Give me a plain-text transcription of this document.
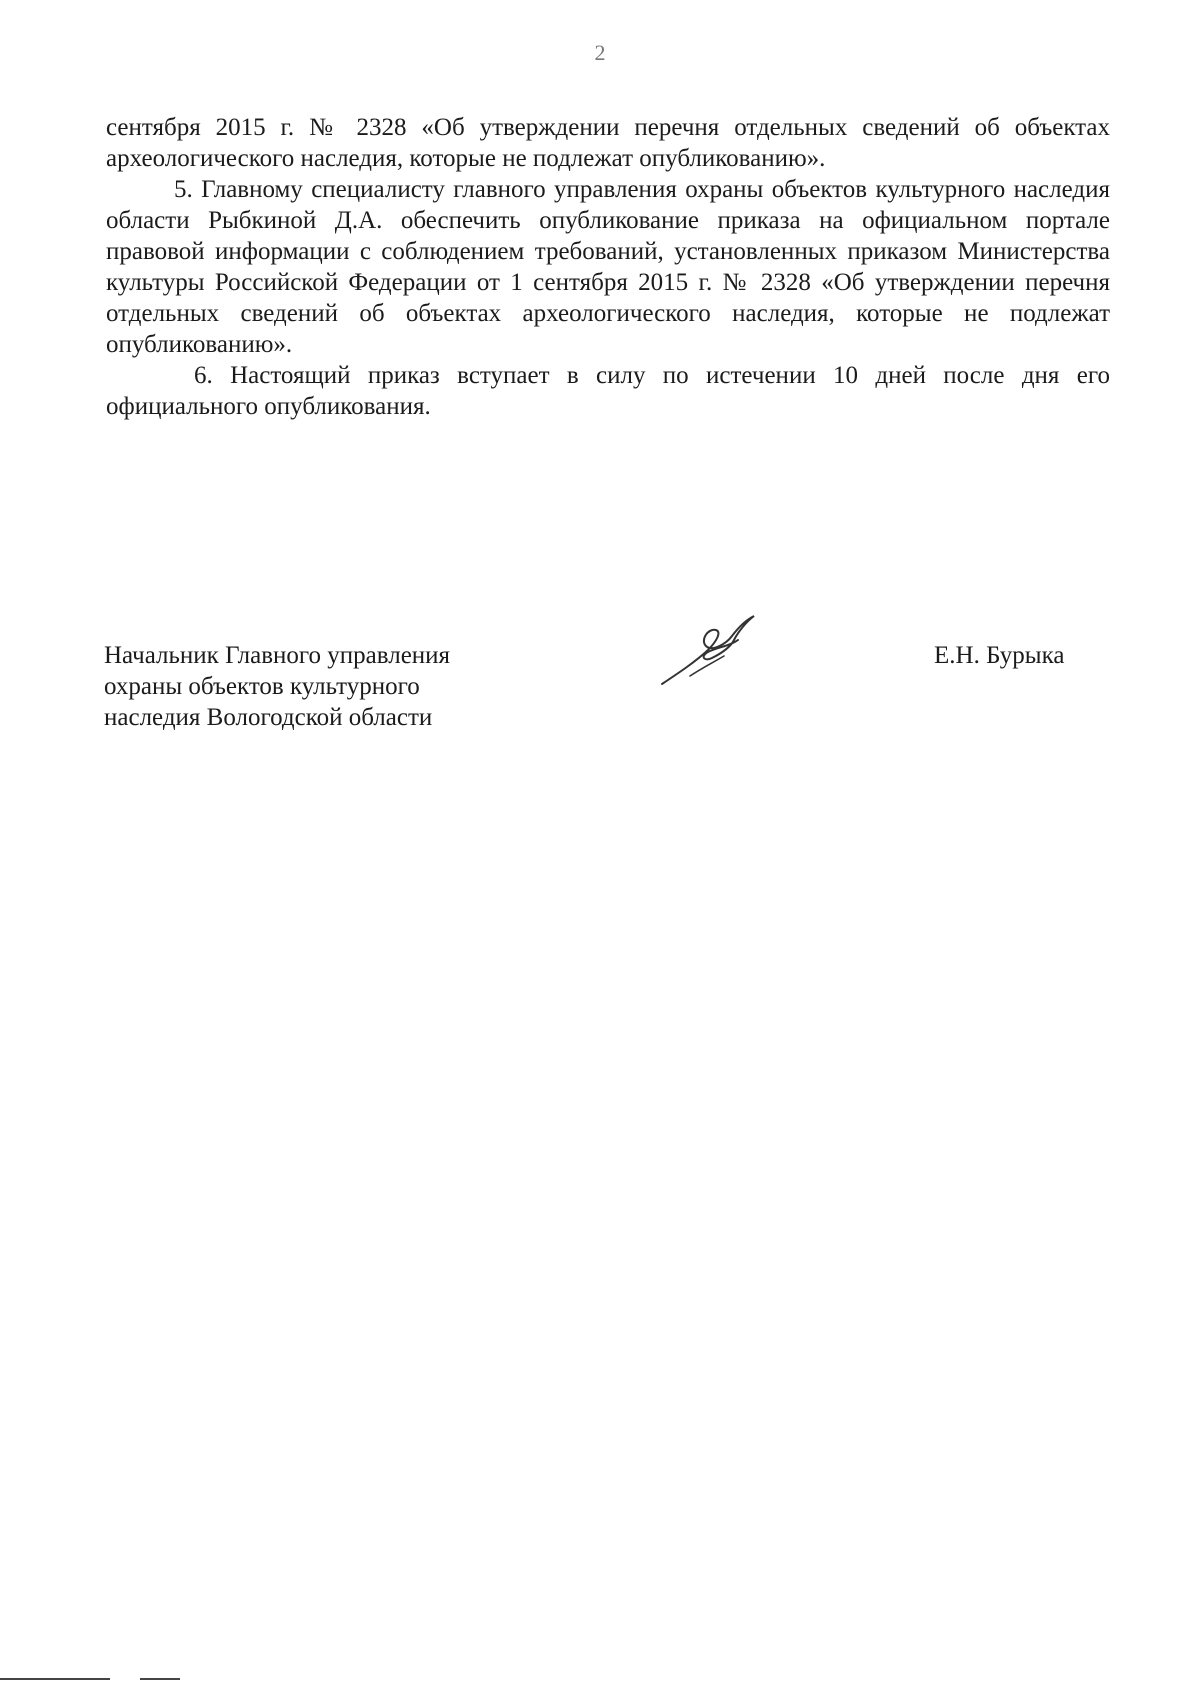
2

сентября 2015 г. № 2328 «Об утверждении перечня отдельных сведений об объектах археологического наследия, которые не подлежат опубликованию».

5. Главному специалисту главного управления охраны объектов культурного наследия области Рыбкиной Д.А. обеспечить опубликование приказа на официальном портале правовой информации с соблюдением требований, установленных приказом Министерства культуры Российской Федерации от 1 сентября 2015 г. № 2328 «Об утверждении перечня отдельных сведений об объектах археологического наследия, которые не подлежат опубликованию».

6. Настоящий приказ вступает в силу по истечении 10 дней после дня его официального опубликования.

Начальник Главного управления
охраны объектов культурного
наследия Вологодской области
Е.Н. Бурыка
